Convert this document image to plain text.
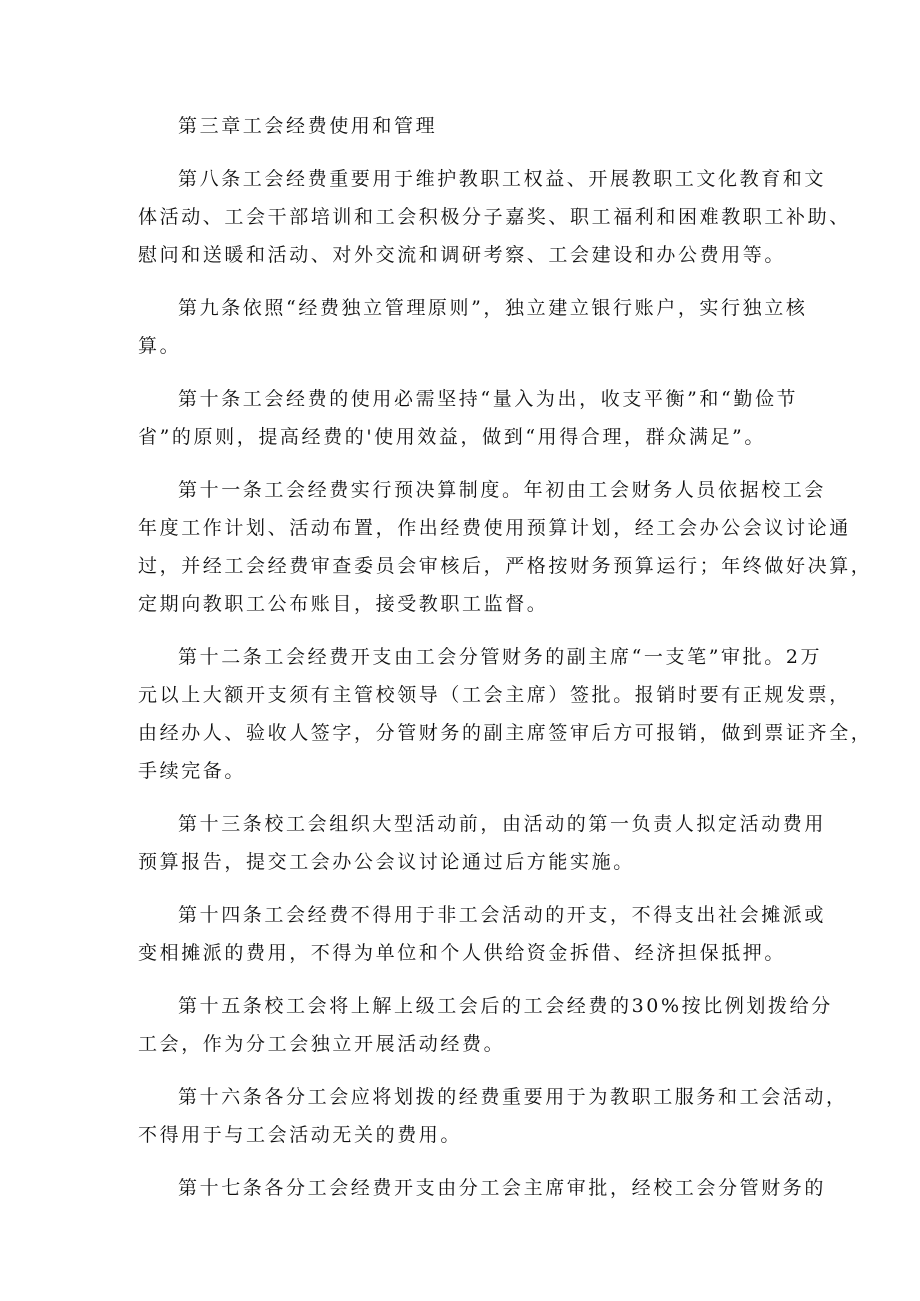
第三章工会经费使用和管理
第八条工会经费重要用于维护教职工权益、开展教职工文化教育和文
体活动、工会干部培训和工会积极分子嘉奖、职工福利和困难教职工补助、
慰问和送暖和活动、对外交流和调研考察、工会建设和办公费用等。
第九条依照“经费独立管理原则”，独立建立银行账户，实行独立核
算。
第十条工会经费的使用必需坚持“量入为出，收支平衡”和“勤俭节
省”的原则，提高经费的'使用效益，做到“用得合理，群众满足”。
第十一条工会经费实行预决算制度。年初由工会财务人员依据校工会
年度工作计划、活动布置，作出经费使用预算计划，经工会办公会议讨论通
过，并经工会经费审查委员会审核后，严格按财务预算运行；年终做好决算，
定期向教职工公布账目，接受教职工监督。
第十二条工会经费开支由工会分管财务的副主席“一支笔”审批。2万
元以上大额开支须有主管校领导（工会主席）签批。报销时要有正规发票，
由经办人、验收人签字，分管财务的副主席签审后方可报销，做到票证齐全，
手续完备。
第十三条校工会组织大型活动前，由活动的第一负责人拟定活动费用
预算报告，提交工会办公会议讨论通过后方能实施。
第十四条工会经费不得用于非工会活动的开支，不得支出社会摊派或
变相摊派的费用，不得为单位和个人供给资金拆借、经济担保抵押。
第十五条校工会将上解上级工会后的工会经费的30%按比例划拨给分
工会，作为分工会独立开展活动经费。
第十六条各分工会应将划拨的经费重要用于为教职工服务和工会活动，
不得用于与工会活动无关的费用。
第十七条各分工会经费开支由分工会主席审批，经校工会分管财务的
